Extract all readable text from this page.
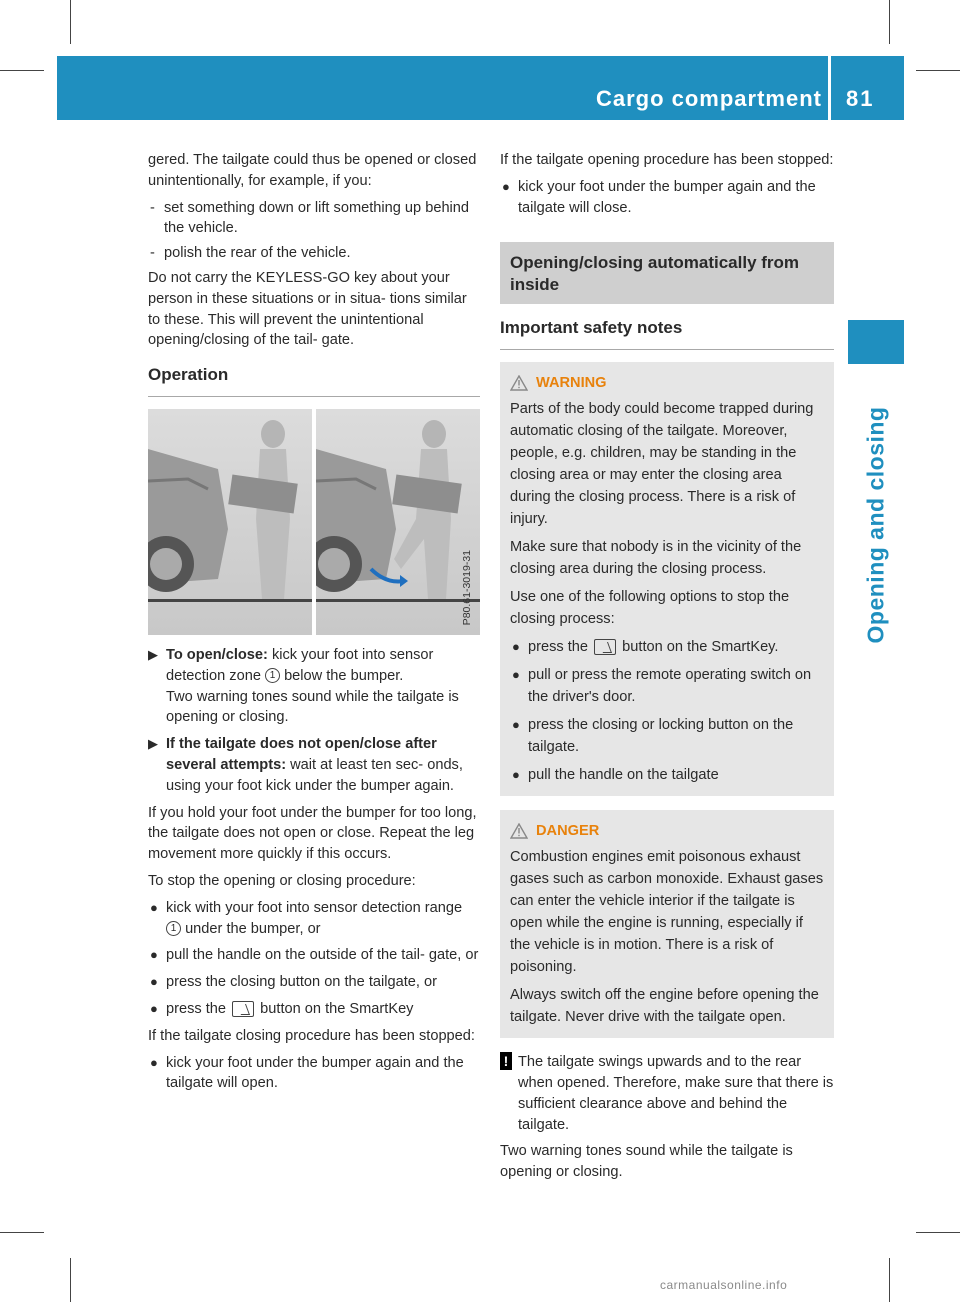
Cargo compartment 81
Opening and closing

gered. The tailgate could thus be opened or closed unintentionally, for example, if you:

- set something down or lift something up behind the vehicle.
- polish the rear of the vehicle.

Do not carry the KEYLESS-GO key about your person in these situations or in situa- tions similar to these. This will prevent the unintentional opening/closing of the tail- gate.

Operation
P80.61-3019-31
▶ To open/close: kick your foot into sensor detection zone 1 below the bumper.
Two warning tones sound while the tailgate is opening or closing.
▶ If the tailgate does not open/close after several attempts: wait at least ten sec- onds, using your foot kick under the bumper again.

If you hold your foot under the bumper for too long, the tailgate does not open or close. Repeat the leg movement more quickly if this occurs.

To stop the opening or closing procedure:

● kick with your foot into sensor detection range 1 under the bumper, or
● pull the handle on the outside of the tail- gate, or
● press the closing button on the tailgate, or
● press the button on the SmartKey

If the tailgate closing procedure has been stopped:

● kick your foot under the bumper again and the tailgate will open.

If the tailgate opening procedure has been stopped:

● kick your foot under the bumper again and the tailgate will close.
Opening/closing automatically from inside
Important safety notes
WARNING

Parts of the body could become trapped during automatic closing of the tailgate. Moreover, people, e.g. children, may be standing in the closing area or may enter the closing area during the closing process. There is a risk of injury.

Make sure that nobody is in the vicinity of the closing area during the closing process.

Use one of the following options to stop the closing process:

● press the button on the SmartKey.
● pull or press the remote operating switch on the driver's door.
● press the closing or locking button on the tailgate.
● pull the handle on the tailgate
DANGER

Combustion engines emit poisonous exhaust gases such as carbon monoxide. Exhaust gases can enter the vehicle interior if the tailgate is open while the engine is running, especially if the vehicle is in motion. There is a risk of poisoning.

Always switch off the engine before opening the tailgate. Never drive with the tailgate open.

! The tailgate swings upwards and to the rear when opened. Therefore, make sure that there is sufficient clearance above and behind the tailgate.

Two warning tones sound while the tailgate is opening or closing.

carmanualsonline.info
